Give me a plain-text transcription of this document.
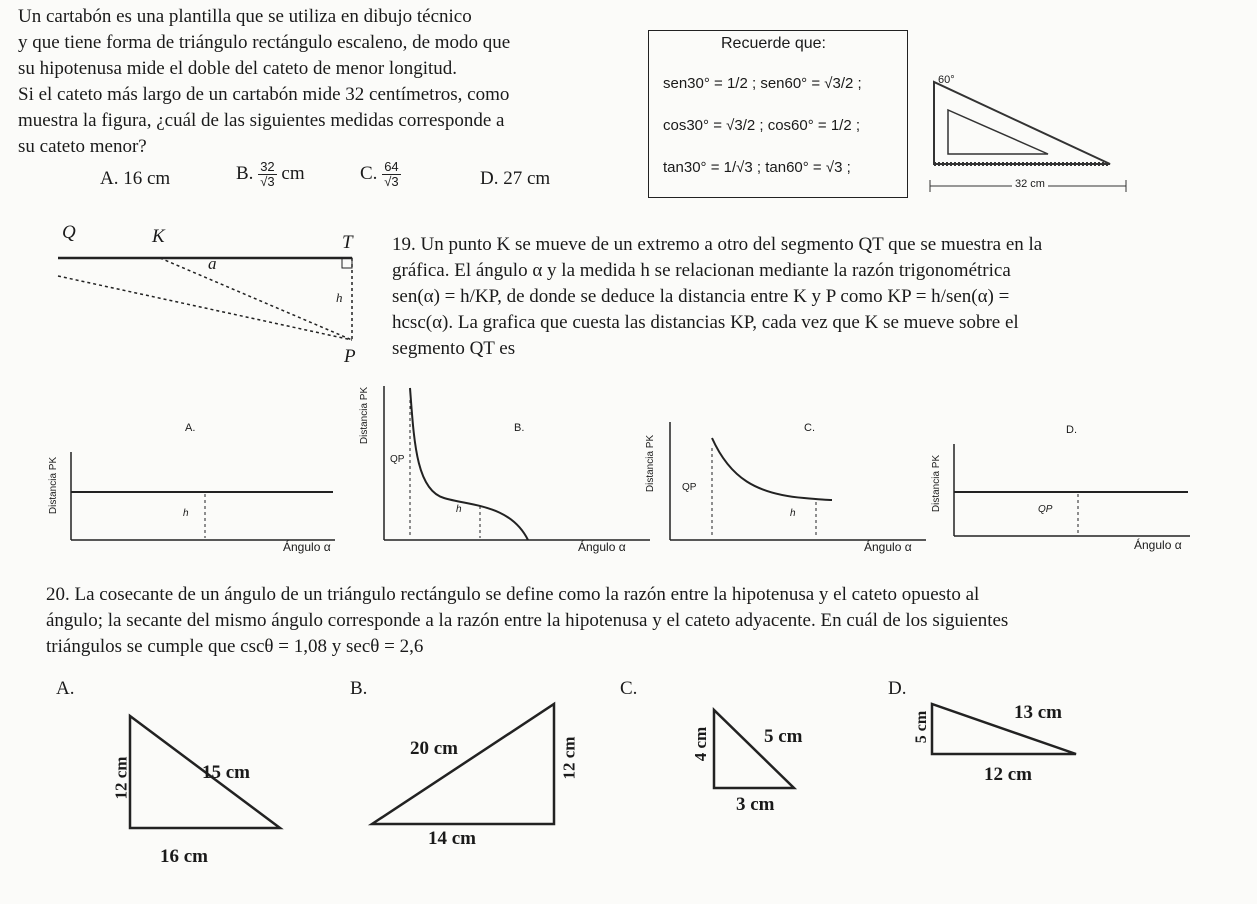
Un cartabón es una plantilla que se utiliza en dibujo técnico
y que tiene forma de triángulo rectángulo escaleno, de modo que
su hipotenusa mide el doble del cateto de menor longitud.
Si el cateto más largo de un cartabón mide 32 centímetros, como
muestra la figura, ¿cuál de las siguientes medidas corresponde a
su cateto menor?
A. 16 cm	B. $\frac{32}{√3}$ cm	C. $\frac{64}{√3}$	D. 27 cm
Recuerde que:
sen30° = 1/2 ; sen60° = √3/2 ;
cos30° = √3/2 ; cos60° = 1/2 ;
tan30° = 1/√3 ; tan60° = √3 ;
60°
32 cm
Q	K	T
a
h
P
19. Un punto K se mueve de un extremo a otro del segmento QT que se muestra en la
gráfica. El ángulo α y la medida h se relacionan mediante la razón trigonométrica
sen(α) = h/KP, de donde se deduce la distancia entre K y P como KP = h/sen(α) =
hcsc(α). La grafica que cuesta las distancias KP, cada vez que K se mueve sobre el
segmento QT es
A.
Distancia PK
Ángulo α
h
B.
Distancia PK
Ángulo α
QP
h
C.
Distancia PK
Ángulo α
QP
h
D.
Distancia PK
Ángulo α
QP
20. La cosecante de un ángulo de un triángulo rectángulo se define como la razón entre la hipotenusa y el cateto opuesto al
ángulo; la secante del mismo ángulo corresponde a la razón entre la hipotenusa y el cateto adyacente. En cuál de los siguientes
triángulos se cumple que cscθ = 1,08 y secθ = 2,6
A.
12 cm	15 cm
16 cm
B.
20 cm	12 cm
14 cm
C.
4 cm	5 cm
3 cm
D.
5 cm	13 cm
12 cm
